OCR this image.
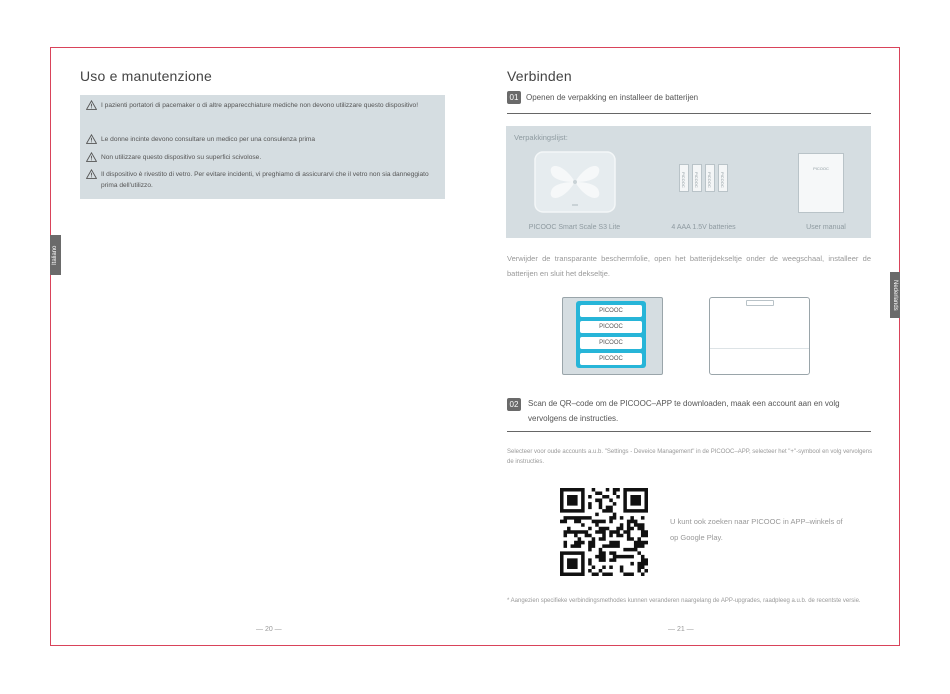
Uso e manutenzione
I pazienti portatori di pacemaker o di altre apparecchiature mediche non devono utilizzare questo dispositivo!
Le donne incinte devono consultare un medico per una consulenza prima
Non utilizzare questo dispositivo su superfici scivolose.
Il dispositivo è rivestito di vetro. Per evitare incidenti, vi preghiamo di assicurarvi che il vetro non sia danneggiato prima dell'utilizzo.
Italiano
— 20 —
Verbinden
01 Openen de verpakking en installeer de batterijen
Verpakkingslijst:
PICOOC PICOOC PICOOC PICOOC
PICOOC
PICOOC Smart Scale S3 Lite	4 AAA 1.5V batteries	User manual
Verwijder de transparante beschermfolie, open het batterijdekseltje onder de weegschaal, installeer de batterijen en sluit het dekseltje.
PICOOC
PICOOC
PICOOC
PICOOC
02	Scan de QR–code om de PICOOC–APP te downloaden, maak een account aan en volg vervolgens de instructies.
Selecteer voor oude accounts a.u.b. "Settings - Deveice Management" in de PICOOC–APP, selecteer het "+"-symbool en volg vervolgens de instructies.
U kunt ook zoeken naar PICOOC in APP–winkels of op Google Play.
* Aangezien specifieke verbindingsmethodes kunnen veranderen naargelang de APP-upgrades, raadpleeg a.u.b. de recentste versie.
Nederlands
— 21 —
